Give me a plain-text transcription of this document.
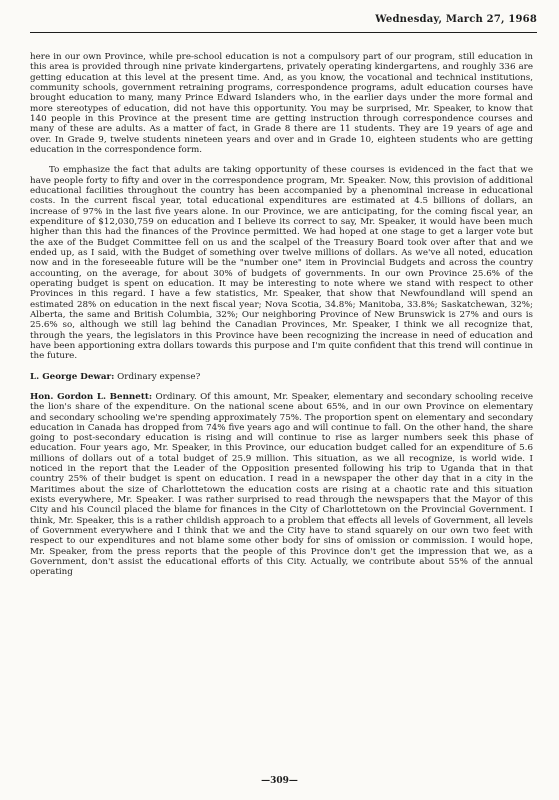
Wednesday, March 27, 1968

here in our own Province, while pre-school education is not a compulsory part of our program, still education in this area is provided through nine private kindergartens, privately operating kindergartens, and roughly 336 are getting education at this level at the present time. And, as you know, the vocational and technical institutions, community schools, government retraining programs, correspondence programs, adult education courses have brought education to many, many Prince Edward Islanders who, in the earlier days under the more formal and more stereotypes of education, did not have this opportunity. You may be surprised, Mr. Speaker, to know that 140 people in this Province at the present time are getting instruction through correspondence courses and many of these are adults. As a matter of fact, in Grade 8 there are 11 students. They are 19 years of age and over. In Grade 9, twelve students nineteen years and over and in Grade 10, eighteen students who are getting education in the correspondence form.

To emphasize the fact that adults are taking opportunity of these courses is evidenced in the fact that we have people forty to fifty and over in the correspondence program, Mr. Speaker. Now, this provision of additional educational facilities throughout the country has been accompanied by a phenominal increase in educational costs. In the current fiscal year, total educational expenditures are estimated at 4.5 billions of dollars, an increase of 97% in the last five years alone. In our Province, we are anticipating, for the coming fiscal year, an expenditure of $12,030,759 on education and I believe its correct to say, Mr. Speaker, it would have been much higher than this had the finances of the Province permitted. We had hoped at one stage to get a larger vote but the axe of the Budget Committee fell on us and the scalpel of the Treasury Board took over after that and we ended up, as I said, with the Budget of something over twelve millions of dollars. As we've all noted, education now and in the foreseeable future will be the "number one" item in Provincial Budgets and across the country accounting, on the average, for about 30% of budgets of governments. In our own Province 25.6% of the operating budget is spent on education. It may be interesting to note where we stand with respect to other Provinces in this regard. I have a few statistics, Mr. Speaker, that show that Newfoundland will spend an estimated 28% on education in the next fiscal year; Nova Scotia, 34.8%; Manitoba, 33.8%; Saskatchewan, 32%; Alberta, the same and British Columbia, 32%; Our neighboring Province of New Brunswick is 27% and ours is 25.6% so, although we still lag behind the Canadian Provinces, Mr. Speaker, I think we all recognize that, through the years, the legislators in this Province have been recognizing the increase in need of education and have been apportioning extra dollars towards this purpose and I'm quite confident that this trend will continue in the future.

L. George Dewar: Ordinary expense?

Hon. Gordon L. Bennett: Ordinary. Of this amount, Mr. Speaker, elementary and secondary schooling receive the lion's share of the expenditure. On the national scene about 65%, and in our own Province on elementary and secondary schooling we're spending approximately 75%. The proportion spent on elementary and secondary education in Canada has dropped from 74% five years ago and will continue to fall. On the other hand, the share going to post-secondary education is rising and will continue to rise as larger numbers seek this phase of education. Four years ago, Mr. Speaker, in this Province, our education budget called for an expenditure of 5.6 millions of dollars out of a total budget of 25.9 million. This situation, as we all recognize, is world wide. I noticed in the report that the Leader of the Opposition presented following his trip to Uganda that in that country 25% of their budget is spent on education. I read in a newspaper the other day that in a city in the Maritimes about the size of Charlottetown the education costs are rising at a chaotic rate and this situation exists everywhere, Mr. Speaker. I was rather surprised to read through the newspapers that the Mayor of this City and his Council placed the blame for finances in the City of Charlottetown on the Provincial Government. I think, Mr. Speaker, this is a rather childish approach to a problem that effects all levels of Government, all levels of Government everywhere and I think that we and the City have to stand squarely on our own two feet with respect to our expenditures and not blame some other body for sins of omission or commission. I would hope, Mr. Speaker, from the press reports that the people of this Province don't get the impression that we, as a Government, don't assist the educational efforts of this City. Actually, we contribute about 55% of the annual operating

—309—
